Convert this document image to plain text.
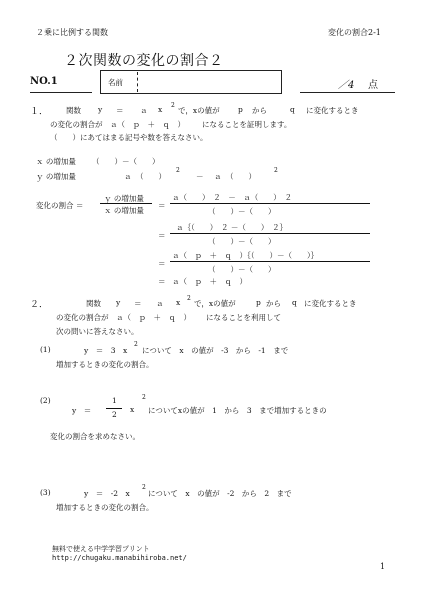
２乗に比例する関数	変化の割合2-1
２次関数の変化の割合２
NO.1	名前	／4 点
１． 関数 y ＝ ａ x 2
で，xの値が p から	q に変化するとき
の変化の割合が ａ（　ｐ　＋　ｑ　） になることを証明します。
（　　）にあてはまる記号や数を答えなさい。
ｘ の増加量 （　　）－（　　）
ｙ の増加量	ａ （　　）
2
－ ａ （　　）
2
変化の割合 ＝
ｙ の増加量
ｘ の増加量
＝
ａ（　　）　２　－　ａ（　　）　２
（　　）－（　　）
＝
ａ｛（　　）　２ －（　　）　２｝
（　　）－（　　）
＝
ａ（　ｐ　＋　ｑ　）｛（　　）－（　　）｝
（　　）－（　　）
＝ ａ（　ｐ　＋　ｑ　）
２．	関数 y ＝ ａ x 2
で，xの値が	p から q に変化するとき
の変化の割合が ａ（　ｐ　＋　ｑ　） になることを利用して
次の問いに答えなさい。
(1)	y　＝　3　x
2
について　x　の値が　-3　から　-1　まで
増加するときの変化の割合。
(2)
y　＝
1
2
x
2
についてxの値が　1　から　3　まで増加するときの
変化の割合を求めなさい。
(3)	y　＝　-2　x
2
について　x　の値が　-2　から　2　まで
増加するときの変化の割合。
無料で使える中学学習プリント
http://chugaku.manabihiroba.net/
1
